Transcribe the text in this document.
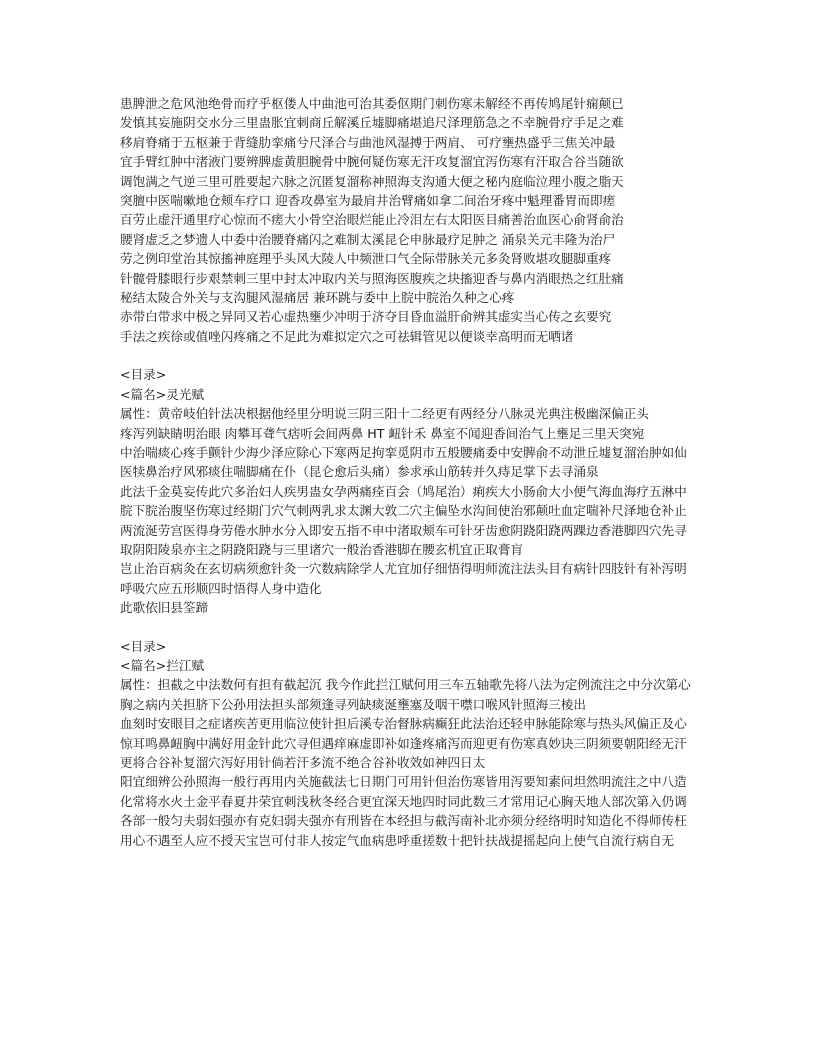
患脾泄之危风池绝骨而疗乎枢偻人中曲池可治其委伛期门刺伤寒未解经不再传鸠尾针痫颠已
发慎其妄施阴交水分三里蛊胀宜刺商丘解溪丘墟脚痛堪追尺泽理筋急之不幸腕骨疗手足之难
移肩脊痛于五枢兼于背缝肋挛痛兮尺泽合与曲池风湿搏于两肩、 可疗壅热盛乎三焦关冲最
宜手臂红肿中渚液门要辨脾虚黄胆腕骨中腕何疑伤寒无汗攻复溜宜泻伤寒有汗取合谷当随欲
调饱满之气逆三里可胜要起六脉之沉匿复溜称神照海支沟通大便之秘内庭临泣理小腹之脂天
突膻中医喘嗽地仓颊车疗口 迎香攻鼻室为最肩井治臂痛如拿二间治牙疼中魁理番胃而即瘥
百劳止虚汗通里疗心惊而不瘥大小骨空治眼烂能止冷泪左右太阳医目痛善治血医心俞肾俞治
腰肾虚乏之梦遗人中委中治腰脊痛闪之难制太溪昆仑申脉最疗足肿之 涌泉关元丰隆为治尸
劳之例印堂治其惊搐神庭理乎头风大陵人中频泄口气全际带脉关元多灸肾败堪攻腿脚重疼
针髋骨膝眼行步艰禁刺三里中封太冲取内关与照海医腹疾之块搐迎香与鼻内消眼热之红肚痛
秘结太陵合外关与支沟腿风湿痛居 兼环跳与委中上脘中脘治久种之心疼
赤带白带求中极之异同又若心虚热壅少冲明于济夺目昏血溢肝俞辨其虚实当心传之玄要究
手法之疾徐或值唑闪疼痛之不足此为难拟定穴之可祛辑管见以便谈幸高明而无哂诸
<目录>
<篇名>灵光赋
属性：黄帝岐伯针法决根据他经里分明说三阴三阳十二经更有两经分八脉灵光典注极幽深偏正头
疼泻列缺睛明治眼 肉攀耳聋气痞听会间两鼻 HT 衄针禾 鼻室不闻迎香间治气上壅足三里天突宛
中治喘痰心疼手颤针少海少泽应除心下寒两足拘挛觅阴市五般腰痛委中安脾俞不动泄丘墟复溜治肿如仙医犊鼻治疗风邪痰住喘脚痛在仆（昆仑愈后头痛）参求承山筋转并久痔足掌下去寻涌泉
此法千金莫妄传此穴多治妇人疾男蛊女孕两痛痊百会（鸠尾治）痢疾大小肠俞大小便气海血海疗五淋中
脘下脘治腹坚伤寒过经期门穴气刺两乳求太渊大敦二穴主偏坠水沟间使治邪颠吐血定喘补尺泽地仓补止两流涎劳宫医得身劳倦水肿水分入即安五指不申中渚取颊车可针牙齿愈阴跷阳跷两踝边香港脚四穴先寻取阴阳陵泉亦主之阴跷阳跷与三里诸穴一般治香港脚在腰玄机宜正取膏肓
岂止治百病灸在玄切病须愈针灸一穴数病除学人尤宜加仔细悟得明师流注法头目有病针四肢针有补泻明呼吸穴应五形顺四时悟得人身中造化
此歌依旧县筌蹄
<目录>
<篇名>拦江赋
属性：担截之中法数何有担有截起沉 我今作此拦江赋何用三车五轴歌先将八法为定例流注之中分次第心胸之病内关担脐下公孙用法担头部须逢寻列缺痰涎壅塞及咽干噤口喉风针照海三棱出
血刻时安眼目之症诸疾苦更用临泣使针担后溪专治督脉病癫狂此法治还轻申脉能除寒与热头风偏正及心惊耳鸣鼻衄胸中满好用金针此穴寻但遇痒麻虚即补如逢疼痛泻而迎更有伤寒真妙诀三阴须要朝阳经无汗更将合谷补复溜穴泻好用针倘若汗多流不绝合谷补收效如神四日太
阳宜细辨公孙照海一般行再用内关施截法七日期门可用针但治伤寒皆用泻要知素问坦然明流注之中八造化常将水火土金平春夏井荣宜刺浅秋冬经合更宜深天地四时同此数三才常用记心胸天地人部次第入仍调各部一般匀夫弱妇强亦有克妇弱夫强亦有刑皆在本经担与截泻南补北亦须分经络明时知造化不得师传枉用心不遇至人应不授天宝岂可付非人按定气血病患呼重搓数十把针扶战提摇起向上使气自流行病自无
